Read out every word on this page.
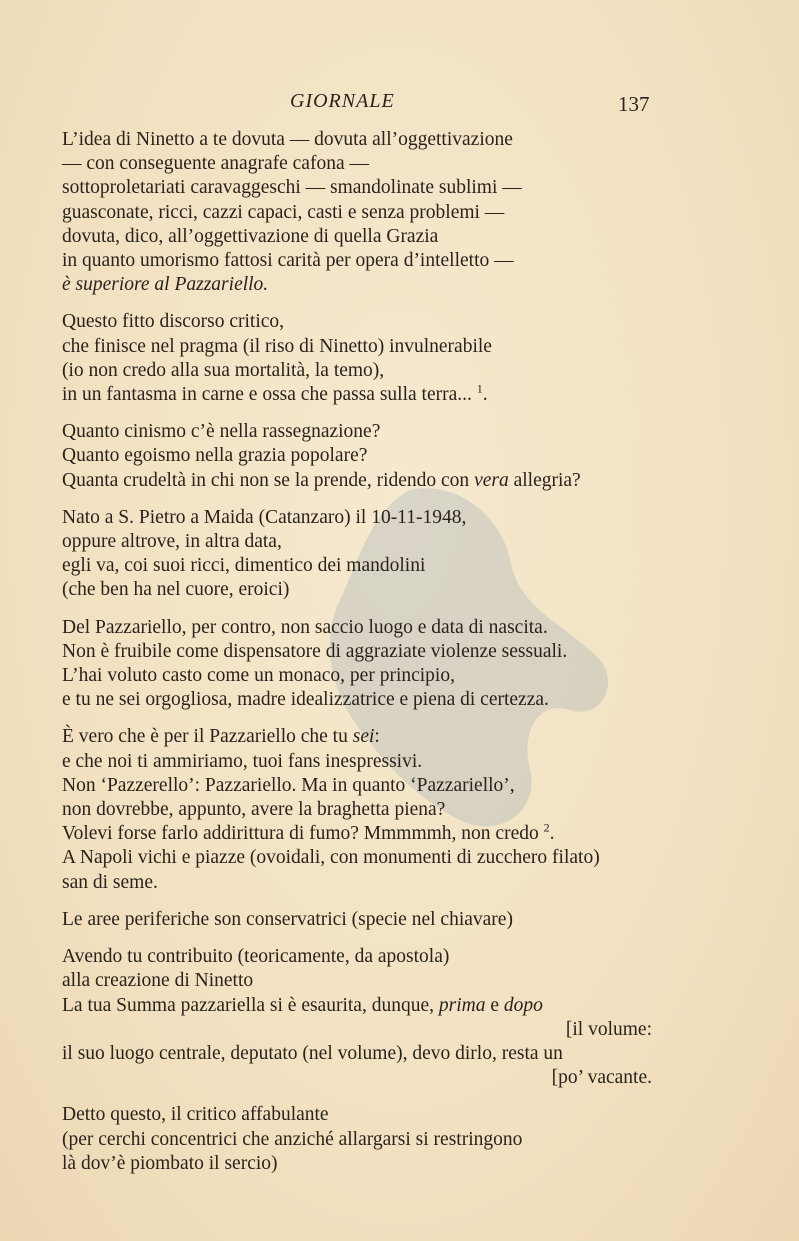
GIORNALE	137
L’idea di Ninetto a te dovuta — dovuta all’oggettivazione
— con conseguente anagrafe cafona —
sottoproletariati caravaggeschi — smandolinate sublimi —
guasconate, ricci, cazzi capaci, casti e senza problemi —
dovuta, dico, all’oggettivazione di quella Grazia
in quanto umorismo fattosi carità per opera d’intelletto —
è superiore al Pazzariello.
Questo fitto discorso critico,
che finisce nel pragma (il riso di Ninetto) invulnerabile
(io non credo alla sua mortalità, la temo),
in un fantasma in carne e ossa che passa sulla terra... $^1$.
Quanto cinismo c’è nella rassegnazione?
Quanto egoismo nella grazia popolare?
Quanta crudeltà in chi non se la prende, ridendo con vera allegria?
Nato a S. Pietro a Maida (Catanzaro) il 10-11-1948,
oppure altrove, in altra data,
egli va, coi suoi ricci, dimentico dei mandolini
(che ben ha nel cuore, eroici)
Del Pazzariello, per contro, non saccio luogo e data di nascita.
Non è fruibile come dispensatore di aggraziate violenze sessuali.
L’hai voluto casto come un monaco, per principio,
e tu ne sei orgogliosa, madre idealizzatrice e piena di certezza.
È vero che è per il Pazzariello che tu sei:
e che noi ti ammiriamo, tuoi fans inespressivi.
Non ‘Pazzerello’: Pazzariello. Ma in quanto ‘Pazzariello’,
non dovrebbe, appunto, avere la braghetta piena?
Volevi forse farlo addirittura di fumo? Mmmmmh, non credo $^2$.
A Napoli vichi e piazze (ovoidali, con monumenti di zucchero filato)
san di seme.
Le aree periferiche son conservatrici (specie nel chiavare)
Avendo tu contribuito (teoricamente, da apostola)
alla creazione di Ninetto
La tua Summa pazzariella si è esaurita, dunque, prima e dopo
[il volume:
il suo luogo centrale, deputato (nel volume), devo dirlo, resta un
[po’ vacante.
Detto questo, il critico affabulante
(per cerchi concentrici che anziché allargarsi si restringono
là dov’è piombato il sercio)
